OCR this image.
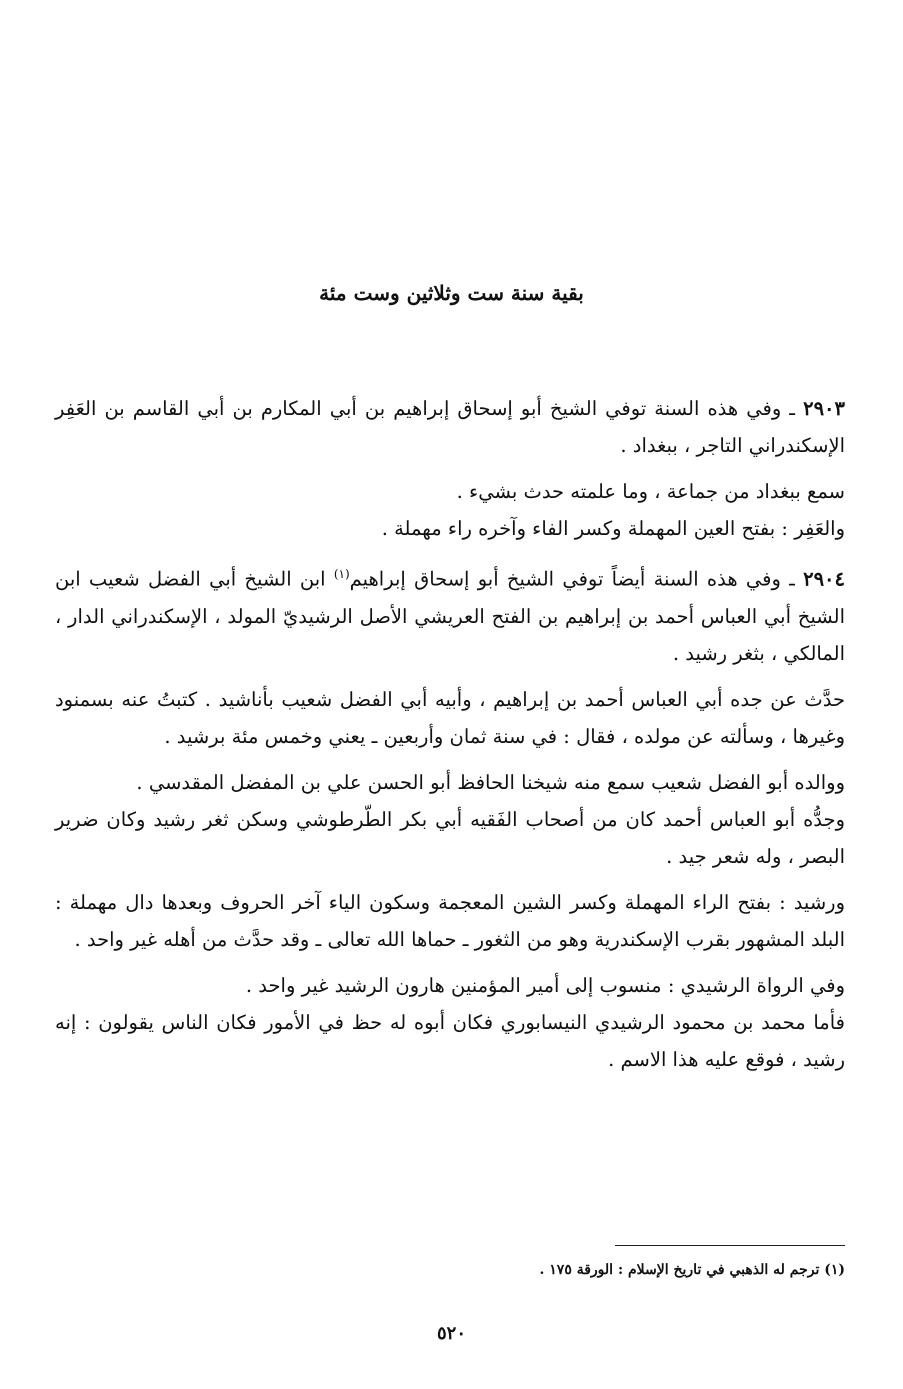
بقية سنة ست وثلاثين وست مئة

٢٩٠٣ ـ وفي هذه السنة توفي الشيخ أبو إسحاق إبراهيم بن أبي المكارم بن أبي القاسم بن العَفِر الإسكندراني التاجر ، ببغداد .

سمع ببغداد من جماعة ، وما علمته حدث بشيء .

والعَفِر : بفتح العين المهملة وكسر الفاء وآخره راء مهملة .

٢٩٠٤ ـ وفي هذه السنة أيضاً توفي الشيخ أبو إسحاق إبراهيم$^{(١)}$ ابن الشيخ أبي الفضل شعيب ابن الشيخ أبي العباس أحمد بن إبراهيم بن الفتح العريشي الأصل الرشيديّ المولد ، الإسكندراني الدار ، المالكي ، بثغر رشيد .

حدَّث عن جده أبي العباس أحمد بن إبراهيم ، وأبيه أبي الفضل شعيب بأناشيد . كتبتُ عنه بسمنود وغيرها ، وسألته عن مولده ، فقال : في سنة ثمان وأربعين ـ يعني وخمس مئة برشيد .

ووالده أبو الفضل شعيب سمع منه شيخنا الحافظ أبو الحسن علي بن المفضل المقدسي .

وجدُّه أبو العباس أحمد كان من أصحاب الفَقيه أبي بكر الطّرطوشي وسكن ثغر رشيد وكان ضرير البصر ، وله شعر جيد .

ورشيد : بفتح الراء المهملة وكسر الشين المعجمة وسكون الياء آخر الحروف وبعدها دال مهملة : البلد المشهور بقرب الإسكندرية وهو من الثغور ـ حماها الله تعالى ـ وقد حدَّث من أهله غير واحد .

وفي الرواة الرشيدي : منسوب إلى أمير المؤمنين هارون الرشيد غير واحد .

فأما محمد بن محمود الرشيدي النيسابوري فكان أبوه له حظ في الأمور فكان الناس يقولون : إنه رشيد ، فوقع عليه هذا الاسم .

(١) ترجم له الذهبي في تاريخ الإسلام : الورقة ١٧٥ .
٥٢٠
